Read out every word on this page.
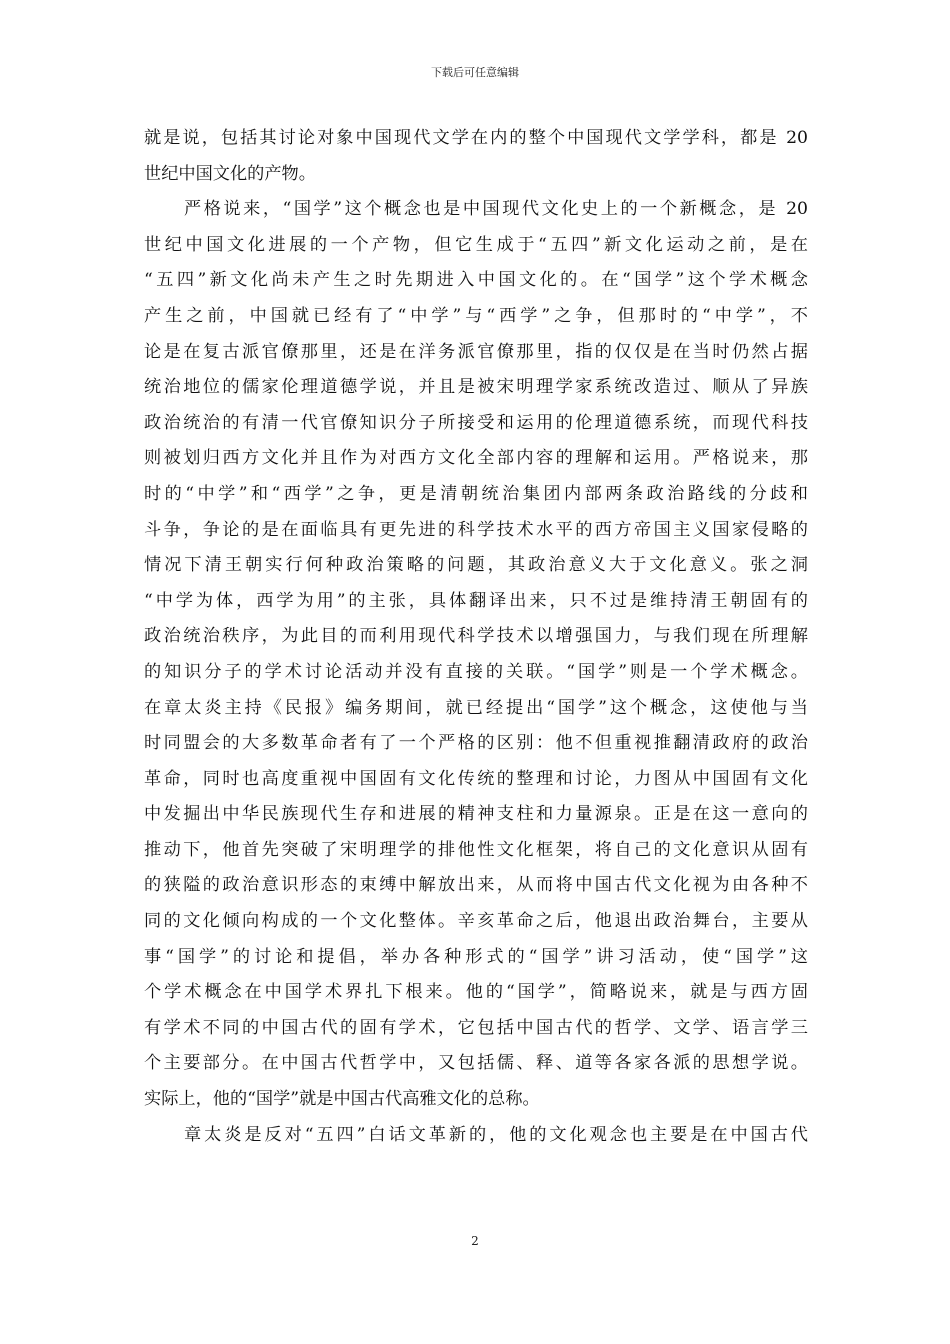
下载后可任意编辑
就是说，包括其讨论对象中国现代文学在内的整个中国现代文学学科，都是 20
世纪中国文化的产物。
严格说来，“国学”这个概念也是中国现代文化史上的一个新概念，是 20
世纪中国文化进展的一个产物，但它生成于“五四”新文化运动之前，是在
“五四”新文化尚未产生之时先期进入中国文化的。在“国学”这个学术概念
产生之前，中国就已经有了“中学”与“西学”之争，但那时的“中学”，不
论是在复古派官僚那里，还是在洋务派官僚那里，指的仅仅是在当时仍然占据
统治地位的儒家伦理道德学说，并且是被宋明理学家系统改造过、顺从了异族
政治统治的有清一代官僚知识分子所接受和运用的伦理道德系统，而现代科技
则被划归西方文化并且作为对西方文化全部内容的理解和运用。严格说来，那
时的“中学”和“西学”之争，更是清朝统治集团内部两条政治路线的分歧和
斗争，争论的是在面临具有更先进的科学技术水平的西方帝国主义国家侵略的
情况下清王朝实行何种政治策略的问题，其政治意义大于文化意义。张之洞
“中学为体，西学为用”的主张，具体翻译出来，只不过是维持清王朝固有的
政治统治秩序，为此目的而利用现代科学技术以增强国力，与我们现在所理解
的知识分子的学术讨论活动并没有直接的关联。“国学”则是一个学术概念。
在章太炎主持《民报》编务期间，就已经提出“国学”这个概念，这使他与当
时同盟会的大多数革命者有了一个严格的区别：他不但重视推翻清政府的政治
革命，同时也高度重视中国固有文化传统的整理和讨论，力图从中国固有文化
中发掘出中华民族现代生存和进展的精神支柱和力量源泉。正是在这一意向的
推动下，他首先突破了宋明理学的排他性文化框架，将自己的文化意识从固有
的狭隘的政治意识形态的束缚中解放出来，从而将中国古代文化视为由各种不
同的文化倾向构成的一个文化整体。辛亥革命之后，他退出政治舞台，主要从
事“国学”的讨论和提倡，举办各种形式的“国学”讲习活动，使“国学”这
个学术概念在中国学术界扎下根来。他的“国学”，简略说来，就是与西方固
有学术不同的中国古代的固有学术，它包括中国古代的哲学、文学、语言学三
个主要部分。在中国古代哲学中，又包括儒、释、道等各家各派的思想学说。
实际上，他的“国学”就是中国古代高雅文化的总称。
章太炎是反对“五四”白话文革新的，他的文化观念也主要是在中国古代
2
